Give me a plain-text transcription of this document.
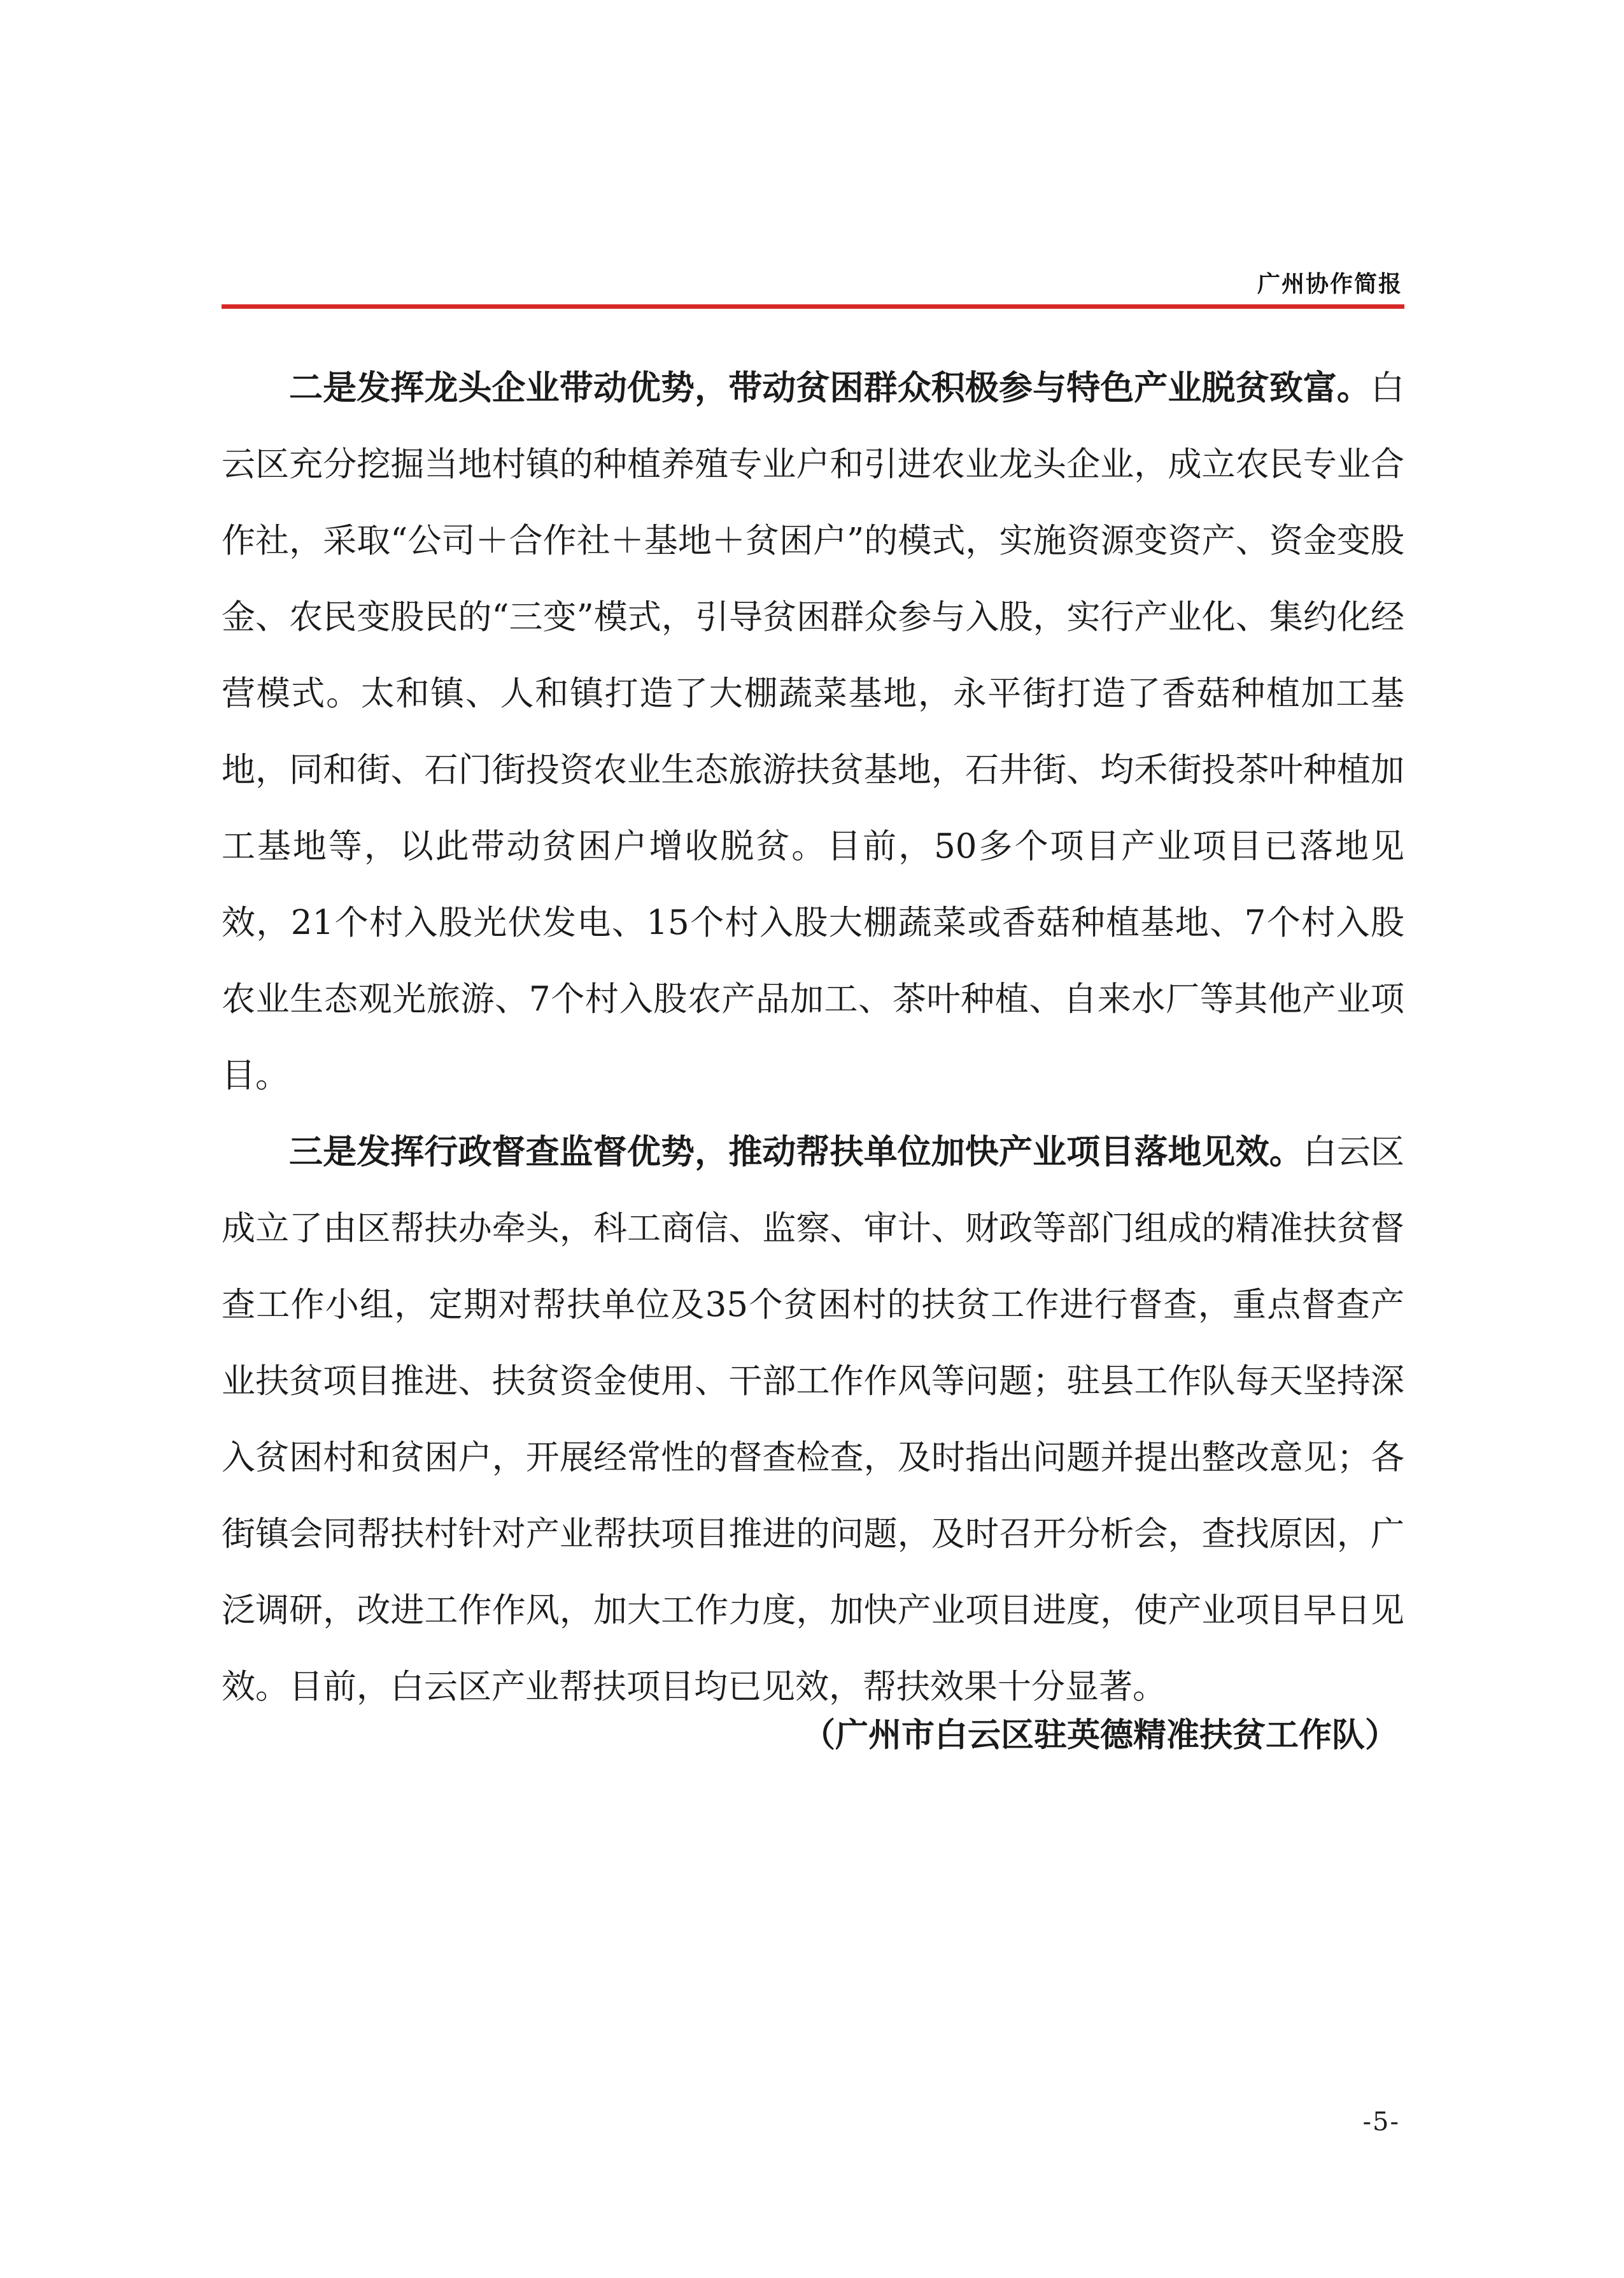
广州协作简报

二是发挥龙头企业带动优势，带动贫困群众积极参与特色产业脱贫致富。白云区充分挖掘当地村镇的种植养殖专业户和引进农业龙头企业，成立农民专业合作社，采取“公司＋合作社＋基地＋贫困户”的模式，实施资源变资产、资金变股金、农民变股民的“三变”模式，引导贫困群众参与入股，实行产业化、集约化经营模式。太和镇、人和镇打造了大棚蔬菜基地，永平街打造了香菇种植加工基地，同和街、石门街投资农业生态旅游扶贫基地，石井街、均禾街投茶叶种植加工基地等，以此带动贫困户增收脱贫。目前，50多个项目产业项目已落地见效，21个村入股光伏发电、15个村入股大棚蔬菜或香菇种植基地、7个村入股农业生态观光旅游、7个村入股农产品加工、茶叶种植、自来水厂等其他产业项目。

三是发挥行政督查监督优势，推动帮扶单位加快产业项目落地见效。白云区成立了由区帮扶办牵头，科工商信、监察、审计、财政等部门组成的精准扶贫督查工作小组，定期对帮扶单位及35个贫困村的扶贫工作进行督查，重点督查产业扶贫项目推进、扶贫资金使用、干部工作作风等问题；驻县工作队每天坚持深入贫困村和贫困户，开展经常性的督查检查，及时指出问题并提出整改意见；各街镇会同帮扶村针对产业帮扶项目推进的问题，及时召开分析会，查找原因，广泛调研，改进工作作风，加大工作力度，加快产业项目进度，使产业项目早日见效。目前，白云区产业帮扶项目均已见效，帮扶效果十分显著。

（广州市白云区驻英德精准扶贫工作队）
-5-
